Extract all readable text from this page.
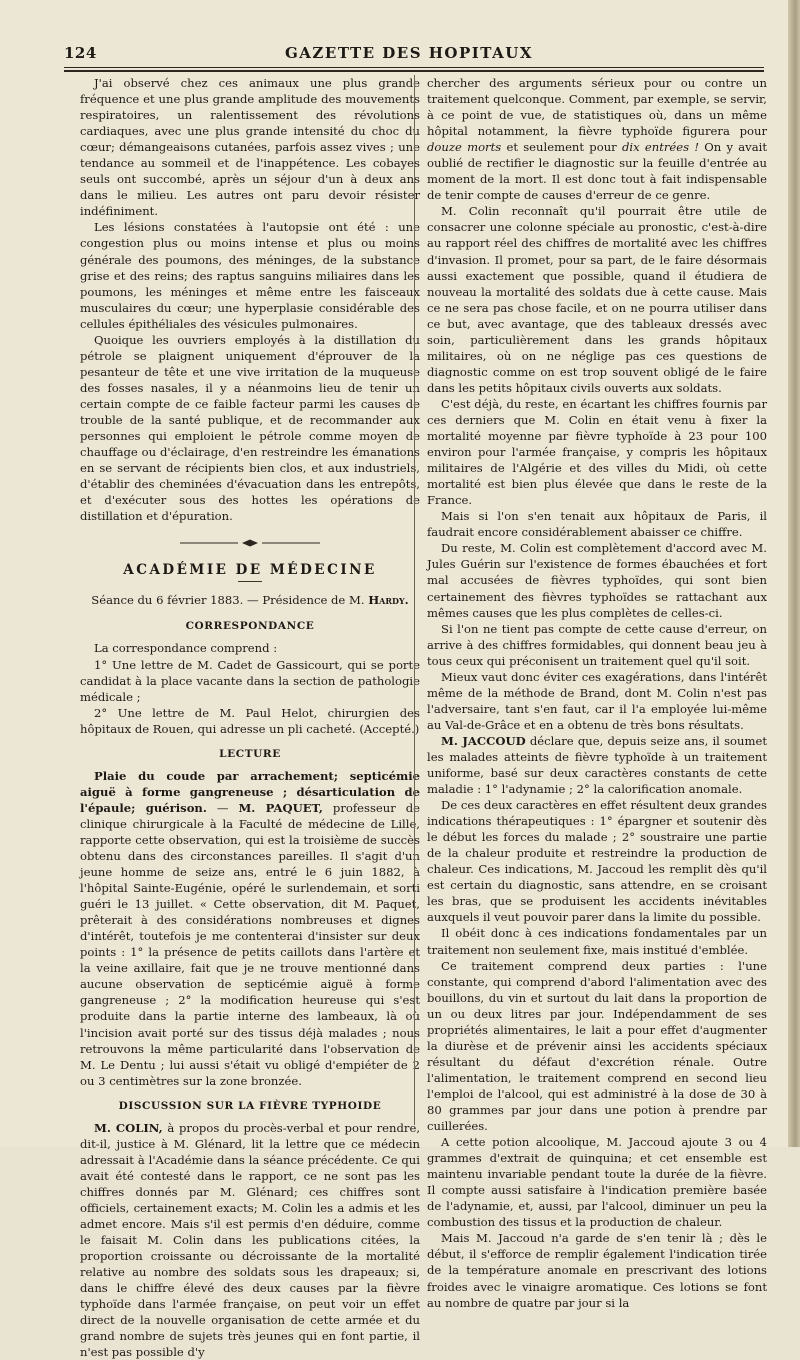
124	GAZETTE DES HOPITAUX

J'ai observé chez ces animaux une plus grande fréquence et une plus grande amplitude des mouvements respiratoires, un ralentissement des révolutions cardiaques, avec une plus grande intensité du choc du cœur; démangeaisons cutanées, parfois assez vives ; une tendance au sommeil et de l'inappétence. Les cobayes seuls ont succombé, après un séjour d'un à deux ans dans le milieu. Les autres ont paru devoir résister indéfiniment.

Les lésions constatées à l'autopsie ont été : une congestion plus ou moins intense et plus ou moins générale des poumons, des méninges, de la substance grise et des reins; des raptus sanguins miliaires dans les poumons, les méninges et même entre les faisceaux musculaires du cœur; une hyperplasie considérable des cellules épithéliales des vésicules pulmonaires.

Quoique les ouvriers employés à la distillation du pétrole se plaignent uniquement d'éprouver de la pesanteur de tête et une vive irritation de la muqueuse des fosses nasales, il y a néanmoins lieu de tenir un certain compte de ce faible facteur parmi les causes de trouble de la santé publique, et de recommander aux personnes qui emploient le pétrole comme moyen de chauffage ou d'éclairage, d'en restreindre les émanations en se servant de récipients bien clos, et aux industriels, d'établir des cheminées d'évacuation dans les entrepôts, et d'exécuter sous des hottes les opérations de distillation et d'épuration.

ACADÉMIE DE MÉDECINE
Séance du 6 février 1883. — Présidence de M. Hardy.
CORRESPONDANCE

La correspondance comprend :

1° Une lettre de M. Cadet de Gassicourt, qui se porte candidat à la place vacante dans la section de pathologie médicale ;

2° Une lettre de M. Paul Helot, chirurgien des hôpitaux de Rouen, qui adresse un pli cacheté. (Accepté.)

LECTURE

Plaie du coude par arrachement; septicémie aiguë à forme gangreneuse ; désarticulation de l'épaule; guérison. — M. PAQUET, professeur de clinique chirurgicale à la Faculté de médecine de Lille, rapporte cette observation, qui est la troisième de succès obtenu dans des circonstances pareilles. Il s'agit d'un jeune homme de seize ans, entré le 6 juin 1882, à l'hôpital Sainte-Eugénie, opéré le surlendemain, et sorti guéri le 13 juillet. « Cette observation, dit M. Paquet, prêterait à des considérations nombreuses et dignes d'intérêt, toutefois je me contenterai d'insister sur deux points : 1° la présence de petits caillots dans l'artère et la veine axillaire, fait que je ne trouve mentionné dans aucune observation de septicémie aiguë à forme gangreneuse ; 2° la modification heureuse qui s'est produite dans la partie interne des lambeaux, là où l'incision avait porté sur des tissus déjà malades ; nous retrouvons la même particularité dans l'observation de M. Le Dentu ; lui aussi s'était vu obligé d'empiéter de 2 ou 3 centimètres sur la zone bronzée.

DISCUSSION SUR LA FIÈVRE TYPHOIDE

M. COLIN, à propos du procès-verbal et pour rendre, dit-il, justice à M. Glénard, lit la lettre que ce médecin adressait à l'Académie dans la séance précédente. Ce qui avait été contesté dans le rapport, ce ne sont pas les chiffres donnés par M. Glénard; ces chiffres sont officiels, certainement exacts; M. Colin les a admis et les admet encore. Mais s'il est permis d'en déduire, comme le faisait M. Colin dans les publications citées, la proportion croissante ou décroissante de la mortalité relative au nombre des soldats sous les drapeaux; si, dans le chiffre élevé des deux causes par la fièvre typhoïde dans l'armée française, on peut voir un effet direct de la nouvelle organisation de cette armée et du grand nombre de sujets très jeunes qui en font partie, il n'est pas possible d'y

chercher des arguments sérieux pour ou contre un traitement quelconque. Comment, par exemple, se servir, à ce point de vue, de statistiques où, dans un même hôpital notamment, la fièvre typhoïde figurera pour douze morts et seulement pour dix entrées ! On y avait oublié de rectifier le diagnostic sur la feuille d'entrée au moment de la mort. Il est donc tout à fait indispensable de tenir compte de causes d'erreur de ce genre.

M. Colin reconnaît qu'il pourrait être utile de consacrer une colonne spéciale au pronostic, c'est-à-dire au rapport réel des chiffres de mortalité avec les chiffres d'invasion. Il promet, pour sa part, de le faire désormais aussi exactement que possible, quand il étudiera de nouveau la mortalité des soldats due à cette cause. Mais ce ne sera pas chose facile, et on ne pourra utiliser dans ce but, avec avantage, que des tableaux dressés avec soin, particulièrement dans les grands hôpitaux militaires, où on ne néglige pas ces questions de diagnostic comme on est trop souvent obligé de le faire dans les petits hôpitaux civils ouverts aux soldats.

C'est déjà, du reste, en écartant les chiffres fournis par ces derniers que M. Colin en était venu à fixer la mortalité moyenne par fièvre typhoïde à 23 pour 100 environ pour l'armée française, y compris les hôpitaux militaires de l'Algérie et des villes du Midi, où cette mortalité est bien plus élevée que dans le reste de la France.

Mais si l'on s'en tenait aux hôpitaux de Paris, il faudrait encore considérablement abaisser ce chiffre.

Du reste, M. Colin est complètement d'accord avec M. Jules Guérin sur l'existence de formes ébauchées et fort mal accusées de fièvres typhoïdes, qui sont bien certainement des fièvres typhoïdes se rattachant aux mêmes causes que les plus complètes de celles-ci.

Si l'on ne tient pas compte de cette cause d'erreur, on arrive à des chiffres formidables, qui donnent beau jeu à tous ceux qui préconisent un traitement quel qu'il soit.

Mieux vaut donc éviter ces exagérations, dans l'intérêt même de la méthode de Brand, dont M. Colin n'est pas l'adversaire, tant s'en faut, car il l'a employée lui-même au Val-de-Grâce et en a obtenu de très bons résultats.

M. JACCOUD déclare que, depuis seize ans, il soumet les malades atteints de fièvre typhoïde à un traitement uniforme, basé sur deux caractères constants de cette maladie : 1° l'adynamie ; 2° la calorification anomale.

De ces deux caractères en effet résultent deux grandes indications thérapeutiques : 1° épargner et soutenir dès le début les forces du malade ; 2° soustraire une partie de la chaleur produite et restreindre la production de chaleur. Ces indications, M. Jaccoud les remplit dès qu'il est certain du diagnostic, sans attendre, en se croisant les bras, que se produisent les accidents inévitables auxquels il veut pouvoir parer dans la limite du possible.

Il obéit donc à ces indications fondamentales par un traitement non seulement fixe, mais institué d'emblée.

Ce traitement comprend deux parties : l'une constante, qui comprend d'abord l'alimentation avec des bouillons, du vin et surtout du lait dans la proportion de un ou deux litres par jour. Indépendamment de ses propriétés alimentaires, le lait a pour effet d'augmenter la diurèse et de prévenir ainsi les accidents spéciaux résultant du défaut d'excrétion rénale. Outre l'alimentation, le traitement comprend en second lieu l'emploi de l'alcool, qui est administré à la dose de 30 à 80 grammes par jour dans une potion à prendre par cuillerées.

A cette potion alcoolique, M. Jaccoud ajoute 3 ou 4 grammes d'extrait de quinquina; et cet ensemble est maintenu invariable pendant toute la durée de la fièvre. Il compte aussi satisfaire à l'indication première basée de l'adynamie, et, aussi, par l'alcool, diminuer un peu la combustion des tissus et la production de chaleur.

Mais M. Jaccoud n'a garde de s'en tenir là ; dès le début, il s'efforce de remplir également l'indication tirée de la température anomale en prescrivant des lotions froides avec le vinaigre aromatique. Ces lotions se font au nombre de quatre par jour si la
